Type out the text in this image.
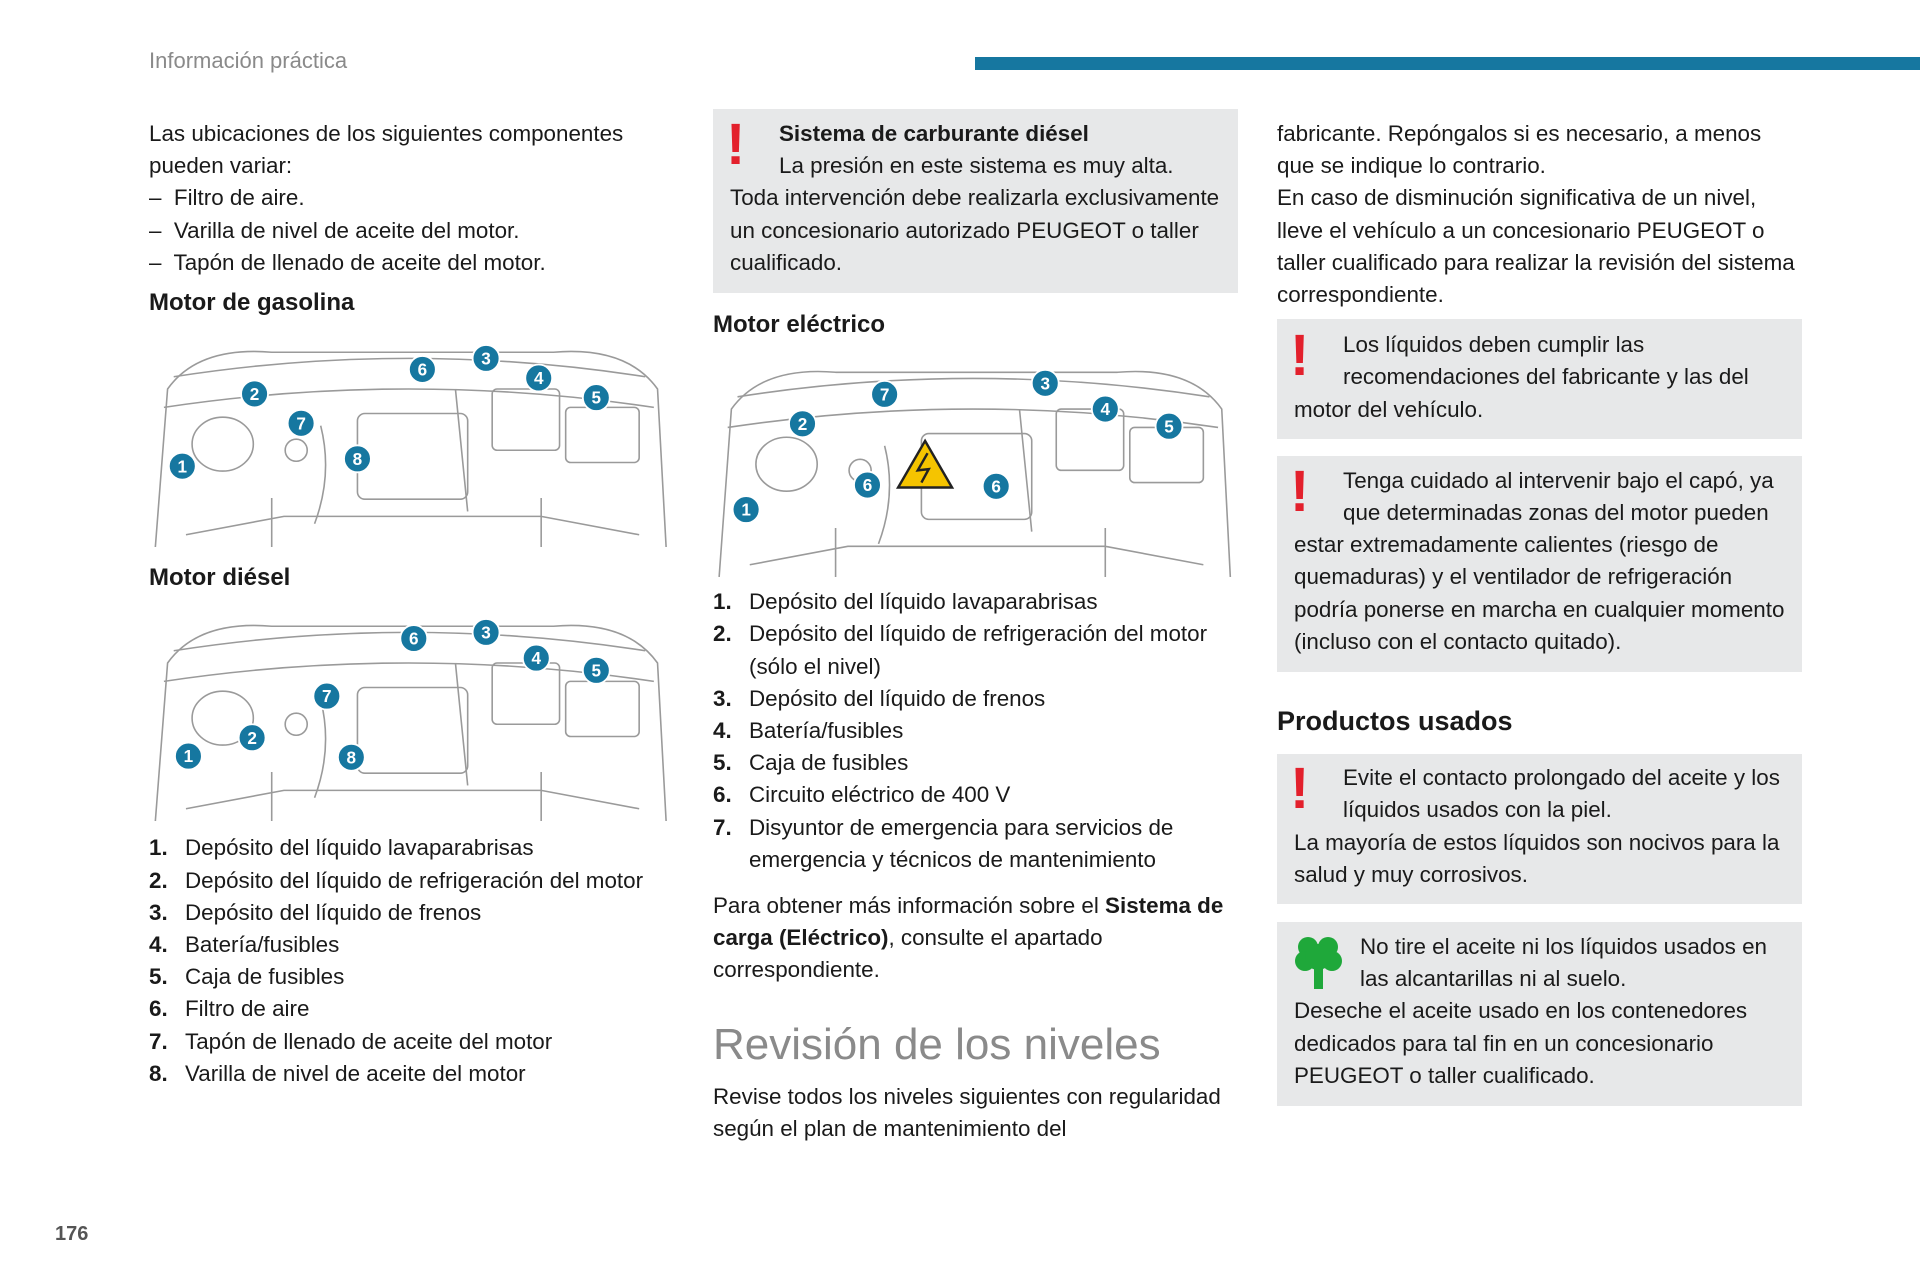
Información práctica

Las ubicaciones de los siguientes componentes pueden variar:

–  Filtro de aire.

–  Varilla de nivel de aceite del motor.

–  Tapón de llenado de aceite del motor.

Motor de gasolina

1
2
3
4
5
6
7
8

Motor diésel

1
2
3
4
5
6
7
8
1. Depósito del líquido lavaparabrisas
2. Depósito del líquido de refrigeración del motor
3. Depósito del líquido de frenos
4. Batería/fusibles
5. Caja de fusibles
6. Filtro de aire
7. Tapón de llenado de aceite del motor
8. Varilla de nivel de aceite del motor
!	Sistema de carburante diésel

La presión en este sistema es muy alta.

Toda intervención debe realizarla exclusivamente un concesionario autorizado PEUGEOT o taller cualificado.

Motor eléctrico

1
2
3
4
5
6	6
7
1. Depósito del líquido lavaparabrisas
2. Depósito del líquido de refrigeración del motor (sólo el nivel)
3. Depósito del líquido de frenos
4. Batería/fusibles
5. Caja de fusibles
6. Circuito eléctrico de 400 V
7. Disyuntor de emergencia para servicios de emergencia y técnicos de mantenimiento

Para obtener más información sobre el Sistema de carga (Eléctrico), consulte el apartado correspondiente.

Revisión de los niveles

Revise todos los niveles siguientes con regularidad según el plan de mantenimiento del

fabricante. Repóngalos si es necesario, a menos que se indique lo contrario.

En caso de disminución significativa de un nivel, lleve el vehículo a un concesionario PEUGEOT o taller cualificado para realizar la revisión del sistema correspondiente.

!	Los líquidos deben cumplir las recomendaciones del fabricante y las del motor del vehículo.

!	Tenga cuidado al intervenir bajo el capó, ya que determinadas zonas del motor pueden estar extremadamente calientes (riesgo de quemaduras) y el ventilador de refrigeración podría ponerse en marcha en cualquier momento (incluso con el contacto quitado).

Productos usados

!	Evite el contacto prolongado del aceite y los líquidos usados con la piel.

La mayoría de estos líquidos son nocivos para la salud y muy corrosivos.

No tire el aceite ni los líquidos usados en las alcantarillas ni al suelo.

Deseche el aceite usado en los contenedores dedicados para tal fin en un concesionario PEUGEOT o taller cualificado.

176
